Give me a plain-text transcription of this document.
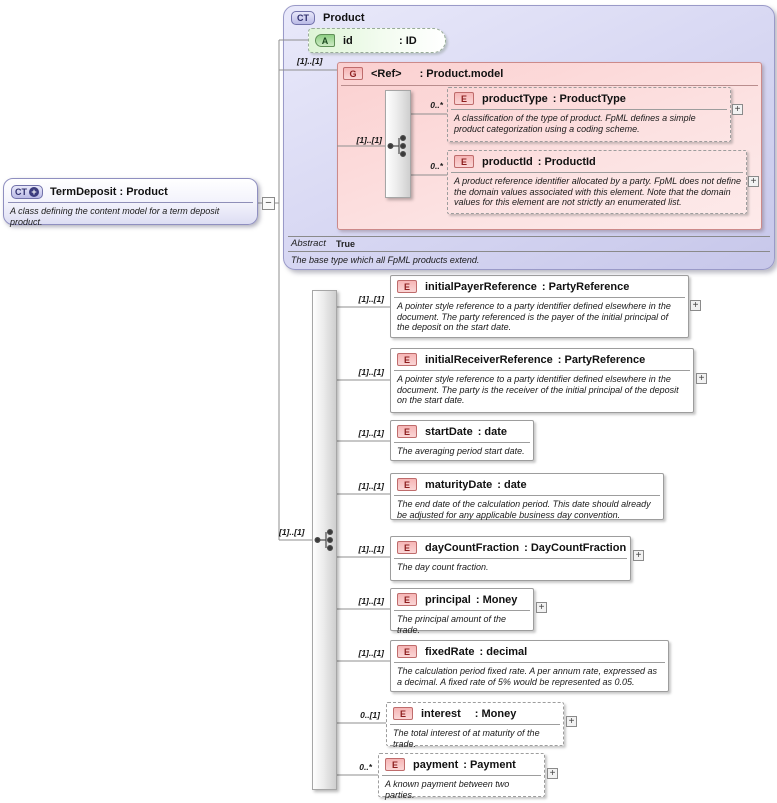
CT	Product
Abstract True
The base type which all FpML products extend.
G	<Ref> : Product.model
CT + TermDeposit : Product
A class defining the content model for a term deposit product.
−
A	id	: ID
E	productType : ProductType
A classification of the type of product. FpML defines a simple product categorization using a coding scheme.
E	productId : ProductId
A product reference identifier allocated by a party. FpML does not define the domain values associated with this element. Note that the domain values for this element are not strictly an enumerated list.
E	initialPayerReference : PartyReference
A pointer style reference to a party identifier defined elsewhere in the document. The party referenced is the payer of the initial principal of the deposit on the start date.
E	initialReceiverReference : PartyReference
A pointer style reference to a party identifier defined elsewhere in the document. The party is the receiver of the initial principal of the deposit on the start date.
E	startDate : date
The averaging period start date.
E	maturityDate : date
The end date of the calculation period. This date should already be adjusted for any applicable business day convention.
E	dayCountFraction : DayCountFraction
The day count fraction.
E	principal : Money
The principal amount of the trade.
E	fixedRate : decimal
The calculation period fixed rate. A per annum rate, expressed as a decimal. A fixed rate of 5% would be represented as 0.05.
E	interest : Money
The total interest of at maturity of the trade.
E	payment : Payment
A known payment between two parties.
[1]..[1]
[1]..[1]
0..*
0..*
[1]..[1]
[1]..[1]
[1]..[1]
[1]..[1]
[1]..[1]
[1]..[1]
[1]..[1]
[1]..[1]
0..[1]
0..*
+
+
+
+
+
+
+
+
